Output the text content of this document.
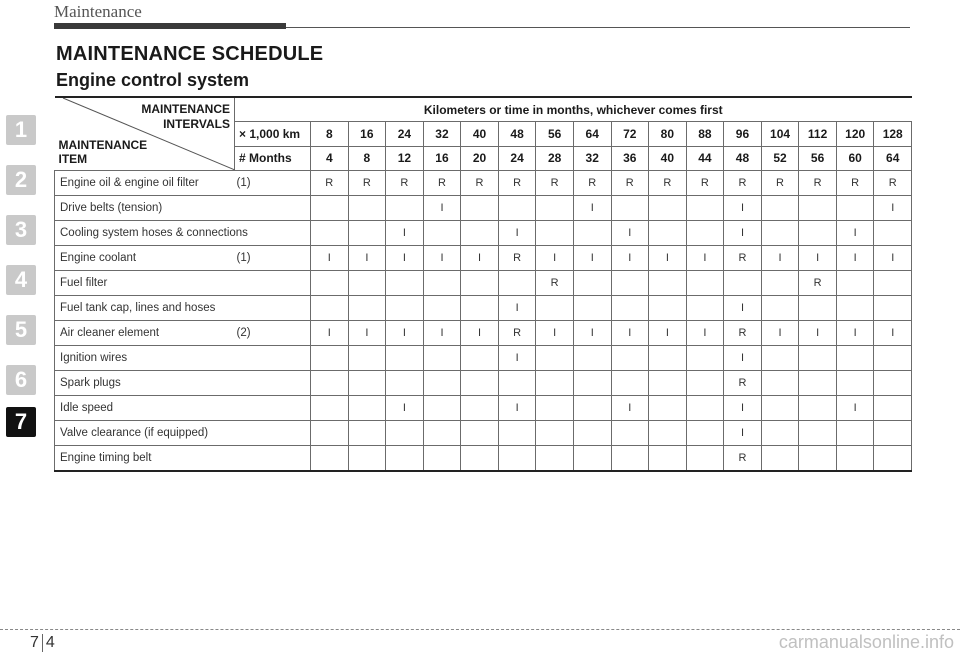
Maintenance
MAINTENANCE SCHEDULE
Engine control system
1
2
3
4
5
6
7
MAINTENANCE
INTERVALS
MAINTENANCE
ITEM	Kilometers or time in months, whichever comes first																
	× 1,000 km	8	16	24	32	40	48	56	64	72	80	88	96	104	112	120	128
	# Months	4	8	12	16	20	24	28	32	36	40	44	48	52	56	60	64
Engine oil & engine oil filter	(1)	R	R	R	R	R	R	R	R	R	R	R	R	R	R	R	R
Drive belts (tension)					I				I				I				I
Cooling system hoses & connections				I			I			I			I			I	
Engine coolant	(1)	I	I	I	I	I	R	I	I	I	I	I	R	I	I	I	I
Fuel filter								R							R		
Fuel tank cap, lines and hoses							I						I				
Air cleaner element	(2)	I	I	I	I	I	R	I	I	I	I	I	R	I	I	I	I
Ignition wires							I						I				
Spark plugs													R				
Idle speed				I			I			I			I			I	
Valve clearance (if equipped)													I				
Engine timing belt													R				
7 4	carmanualsonline.info
